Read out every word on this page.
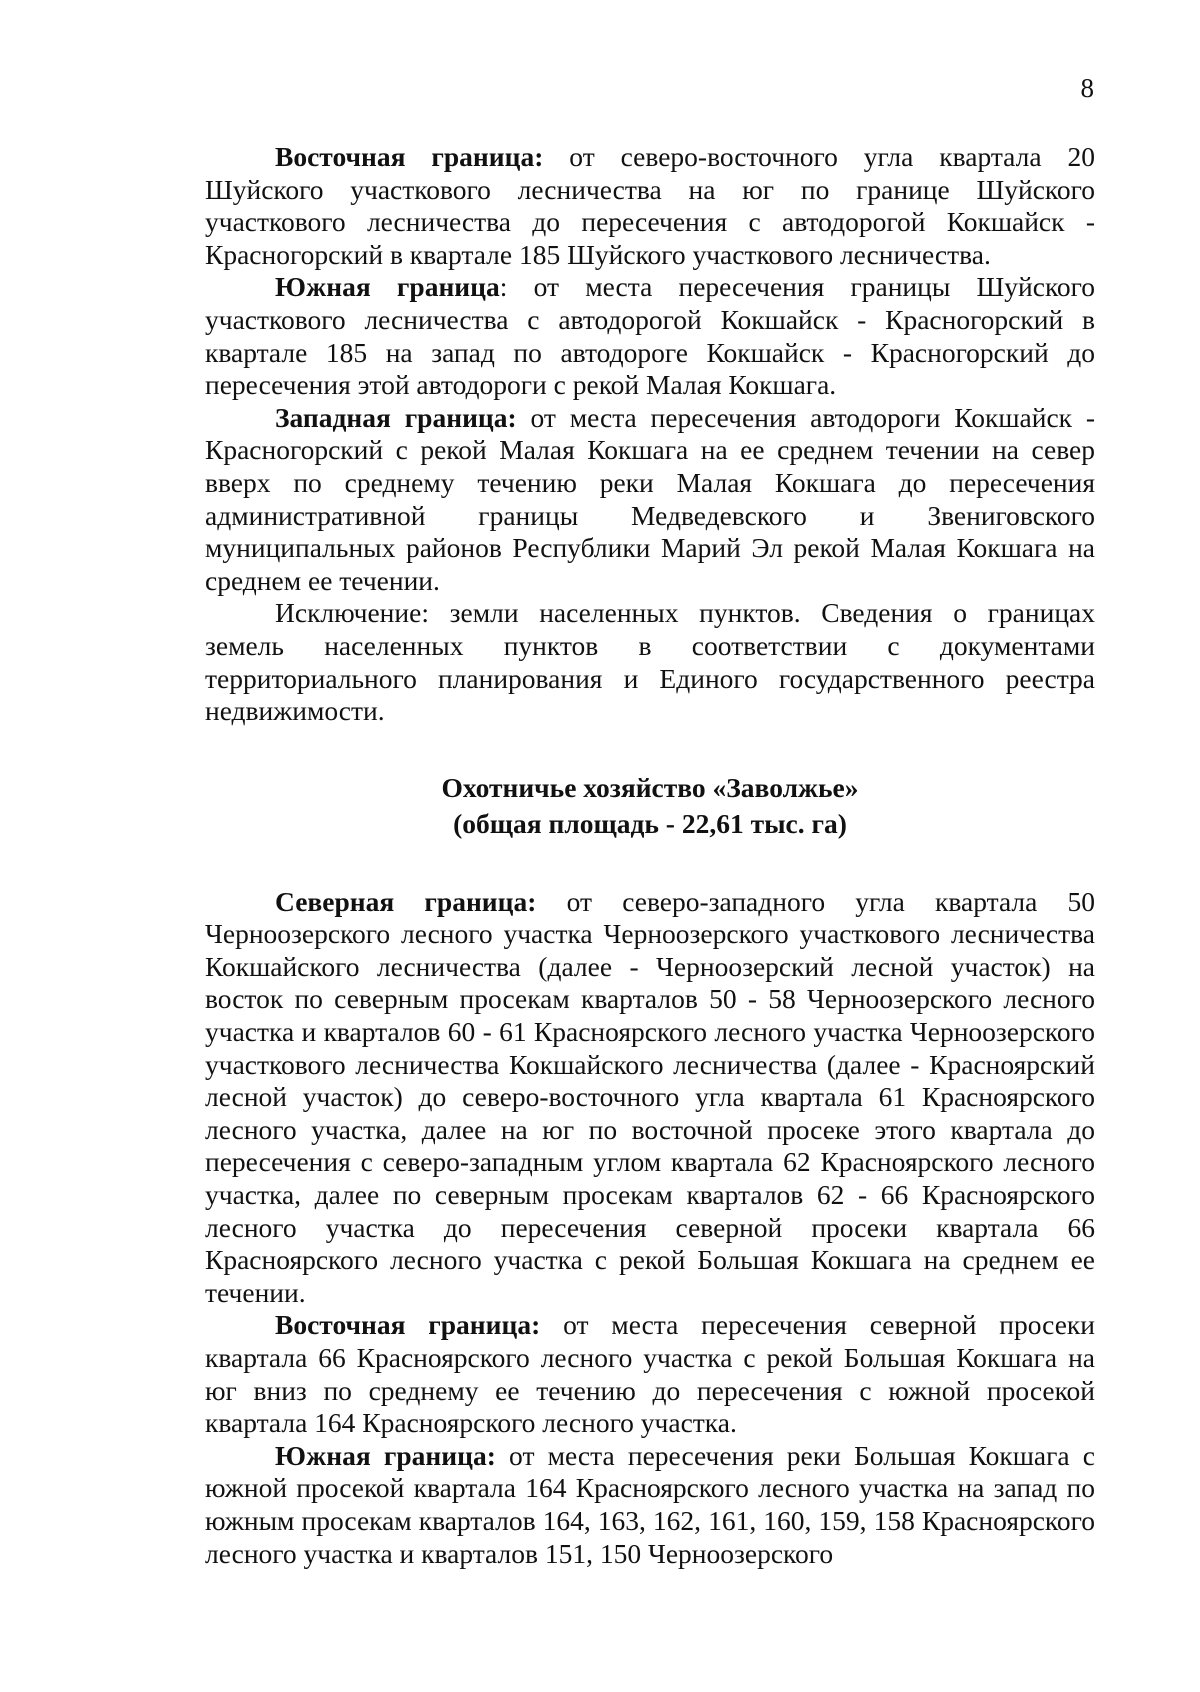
8

Восточная граница: от северо-восточного угла квартала 20 Шуйского участкового лесничества на юг по границе Шуйского участкового лесничества до пересечения с автодорогой Кокшайск - Красногорский в квартале 185 Шуйского участкового лесничества.

Южная граница: от места пересечения границы Шуйского участкового лесничества с автодорогой Кокшайск - Красногорский в квартале 185 на запад по автодороге Кокшайск - Красногорский до пересечения этой автодороги с рекой Малая Кокшага.

Западная граница: от места пересечения автодороги Кокшайск - Красногорский с рекой Малая Кокшага на ее среднем течении на север вверх по среднему течению реки Малая Кокшага до пересечения административной границы Медведевского и Звениговского муниципальных районов Республики Марий Эл рекой Малая Кокшага на среднем ее течении.

Исключение: земли населенных пунктов. Сведения о границах земель населенных пунктов в соответствии с документами территориального планирования и Единого государственного реестра недвижимости.

Охотничье хозяйство «Заволжье»
(общая площадь - 22,61 тыс. га)

Северная граница: от северо-западного угла квартала 50 Черноозерского лесного участка Черноозерского участкового лесничества Кокшайского лесничества (далее - Черноозерский лесной участок) на восток по северным просекам кварталов 50 - 58 Черноозерского лесного участка и кварталов 60 - 61 Красноярского лесного участка Черноозерского участкового лесничества Кокшайского лесничества (далее - Красноярский лесной участок) до северо-восточного угла квартала 61 Красноярского лесного участка, далее на юг по восточной просеке этого квартала до пересечения с северо-западным углом квартала 62 Красноярского лесного участка, далее по северным просекам кварталов 62 - 66 Красноярского лесного участка до пересечения северной просеки квартала 66 Красноярского лесного участка с рекой Большая Кокшага на среднем ее течении.

Восточная граница: от места пересечения северной просеки квартала 66 Красноярского лесного участка с рекой Большая Кокшага на юг вниз по среднему ее течению до пересечения с южной просекой квартала 164 Красноярского лесного участка.

Южная граница: от места пересечения реки Большая Кокшага с южной просекой квартала 164 Красноярского лесного участка на запад по южным просекам кварталов 164, 163, 162, 161, 160, 159, 158 Красноярского лесного участка и кварталов 151, 150 Черноозерского
